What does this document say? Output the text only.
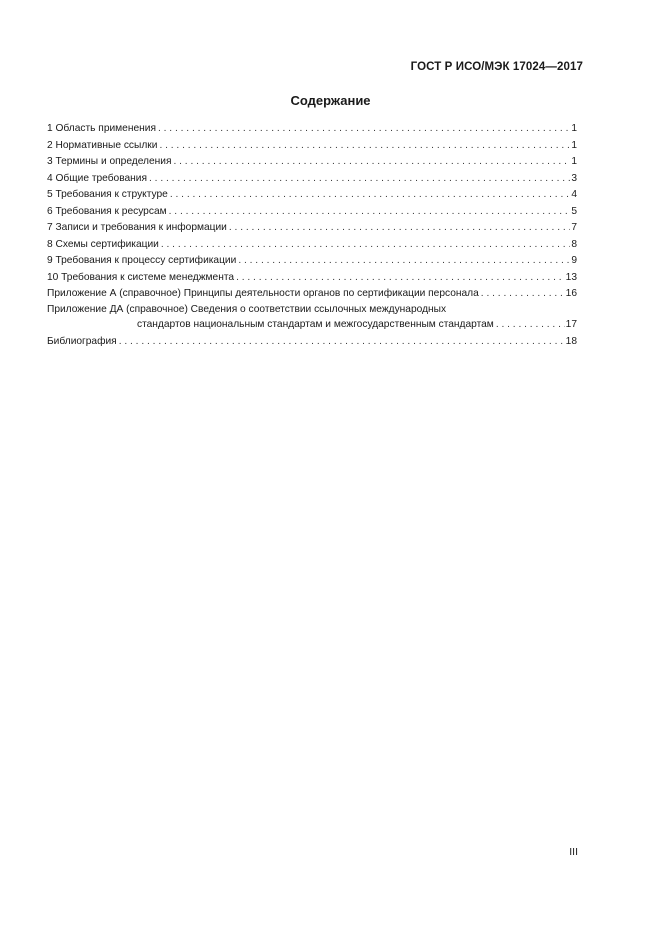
ГОСТ Р ИСО/МЭК 17024—2017
Содержание
1 Область применения . . .	1
2 Нормативные ссылки . . .	1
3 Термины и определения . . .	1
4 Общие требования . . .	3
5 Требования к структуре . . .	4
6 Требования к ресурсам . . .	5
7 Записи и требования к информации . . .	7
8 Схемы сертификации . . .	8
9 Требования к процессу сертификации . . .	9
10 Требования к системе менеджмента . . .	13
Приложение А (справочное) Принципы деятельности органов по сертификации персонала . . .	16
Приложение ДА (справочное) Сведения о соответствии ссылочных международных
стандартов национальным стандартам и межгосударственным стандартам . . .	17
Библиография . . .	18
III
